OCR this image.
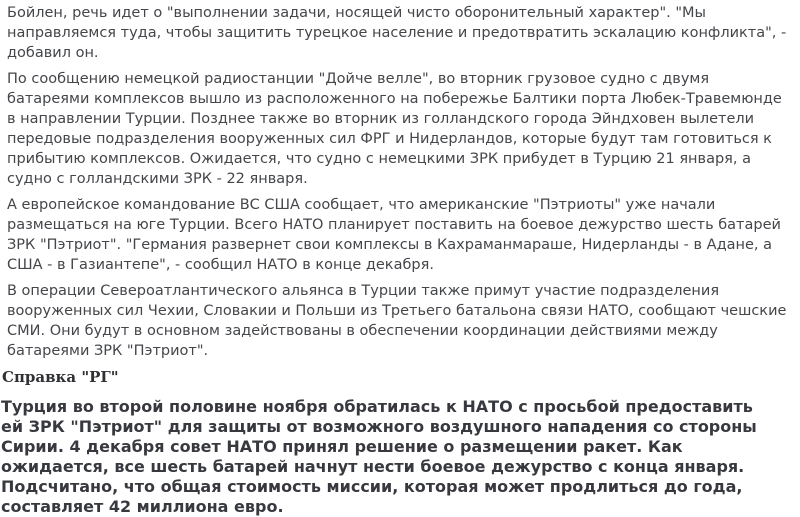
Бойлен, речь идет о "выполнении задачи, носящей чисто оборонительный характер". "Мы направляемся туда, чтобы защитить турецкое население и предотвратить эскалацию конфликта", - добавил он.

По сообщению немецкой радиостанции "Дойче велле", во вторник грузовое судно с двумя батареями комплексов вышло из расположенного на побережье Балтики порта Любек-Травемюнде в направлении Турции. Позднее также во вторник из голландского города Эйндховен вылетели передовые подразделения вооруженных сил ФРГ и Нидерландов, которые будут там готовиться к прибытию комплексов. Ожидается, что судно с немецкими ЗРК прибудет в Турцию 21 января, а судно с голландскими ЗРК - 22 января.

А европейское командование ВС США сообщает, что американские "Пэтриоты" уже начали размещаться на юге Турции. Всего НАТО планирует поставить на боевое дежурство шесть батарей ЗРК "Пэтриот". "Германия развернет свои комплексы в Кахраманмараше, Нидерланды - в Адане, а США - в Газиантепе", - сообщил НАТО в конце декабря.

В операции Североатлантического альянса в Турции также примут участие подразделения вооруженных сил Чехии, Словакии и Польши из Третьего батальона связи НАТО, сообщают чешские СМИ. Они будут в основном задействованы в обеспечении координации действиями между батареями ЗРК "Пэтриот".

Справка "РГ"

Турция во второй половине ноября обратилась к НАТО с просьбой предоставить ей ЗРК "Пэтриот" для защиты от возможного воздушного нападения со стороны Сирии. 4 декабря совет НАТО принял решение о размещении ракет. Как ожидается, все шесть батарей начнут нести боевое дежурство с конца января. Подсчитано, что общая стоимость миссии, которая может продлиться до года, составляет 42 миллиона евро.
